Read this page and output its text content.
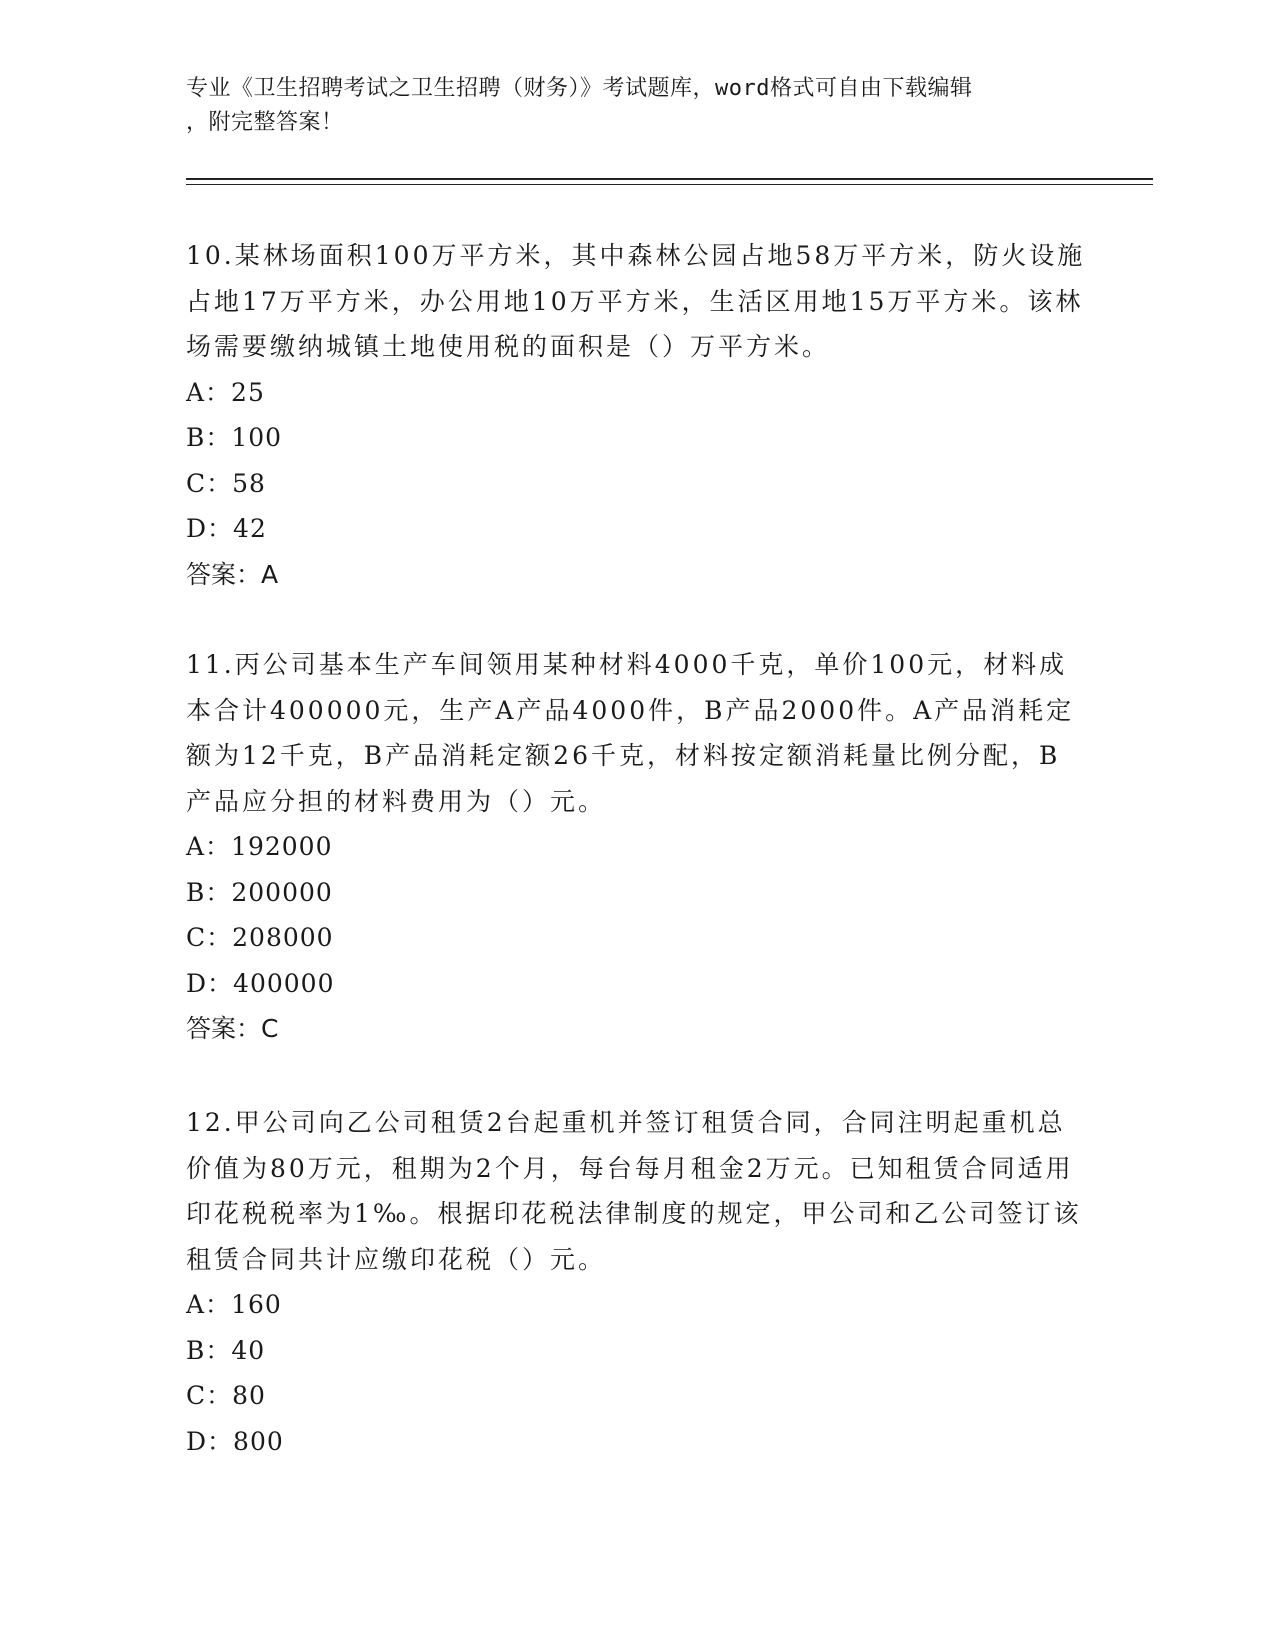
专业《卫生招聘考试之卫生招聘（财务）》考试题库，word格式可自由下载编辑
，附完整答案！

10.某林场面积100万平方米，其中森林公园占地58万平方米，防火设施占地17万平方米，办公用地10万平方米，生活区用地15万平方米。该林场需要缴纳城镇土地使用税的面积是（）万平方米。

A：25

B：100

C：58

D：42

答案：A

11.丙公司基本生产车间领用某种材料4000千克，单价100元，材料成本合计400000元，生产A产品4000件，B产品2000件。A产品消耗定额为12千克，B产品消耗定额26千克，材料按定额消耗量比例分配，B产品应分担的材料费用为（）元。

A：192000

B：200000

C：208000

D：400000

答案：C

12.甲公司向乙公司租赁2台起重机并签订租赁合同，合同注明起重机总价值为80万元，租期为2个月，每台每月租金2万元。已知租赁合同适用印花税税率为1‰。根据印花税法律制度的规定，甲公司和乙公司签订该租赁合同共计应缴印花税（）元。

A：160

B：40

C：80

D：800
